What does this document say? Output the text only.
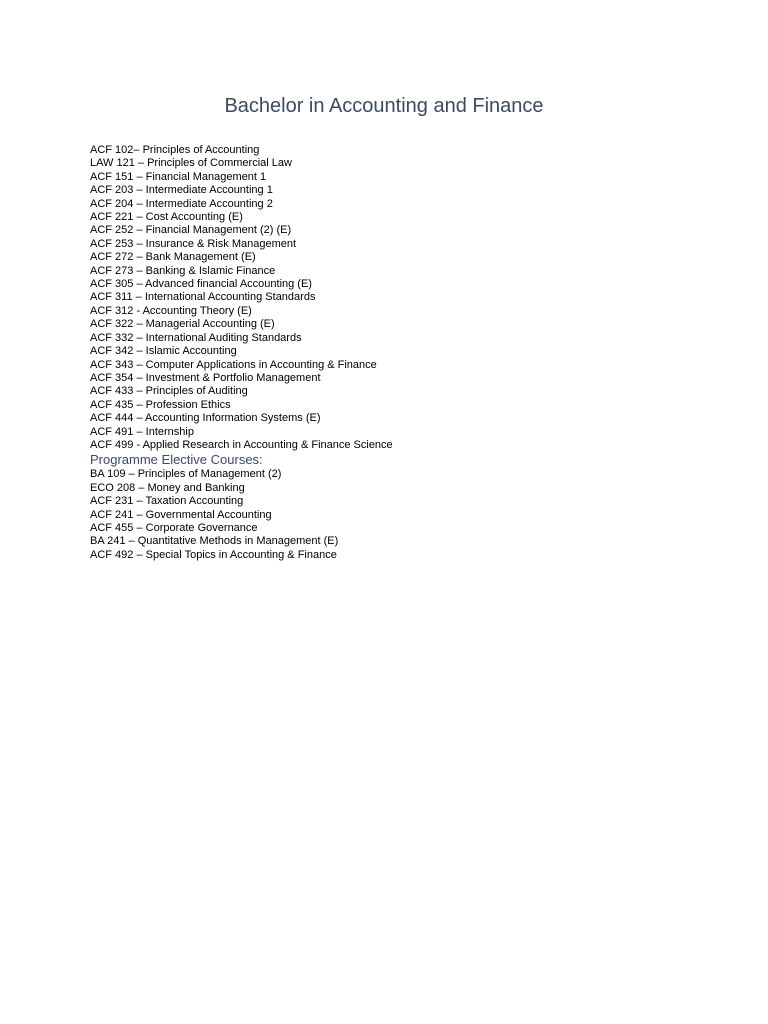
Bachelor in Accounting and Finance
ACF 102– Principles of Accounting
LAW 121 – Principles of Commercial Law
ACF 151 – Financial Management 1
ACF 203 – Intermediate Accounting 1
ACF 204 – Intermediate Accounting 2
ACF 221 – Cost Accounting (E)
ACF 252 – Financial Management (2) (E)
ACF 253 – Insurance & Risk Management
ACF 272 – Bank Management (E)
ACF 273 – Banking & Islamic Finance
ACF 305 – Advanced financial Accounting (E)
ACF 311 – International Accounting Standards
ACF 312 - Accounting Theory (E)
ACF 322 – Managerial Accounting (E)
ACF 332 – International Auditing Standards
ACF 342 – Islamic Accounting
ACF 343 – Computer Applications in Accounting & Finance
ACF 354 – Investment & Portfolio Management
ACF 433 – Principles of Auditing
ACF 435 – Profession Ethics
ACF 444 – Accounting Information Systems (E)
ACF 491 – Internship
ACF 499 - Applied Research in Accounting & Finance Science
Programme Elective Courses:
BA 109 – Principles of Management (2)
ECO 208 – Money and Banking
ACF 231 – Taxation Accounting
ACF 241 – Governmental Accounting
ACF 455 – Corporate Governance
BA 241 – Quantitative Methods in Management (E)
ACF 492 – Special Topics in Accounting & Finance
